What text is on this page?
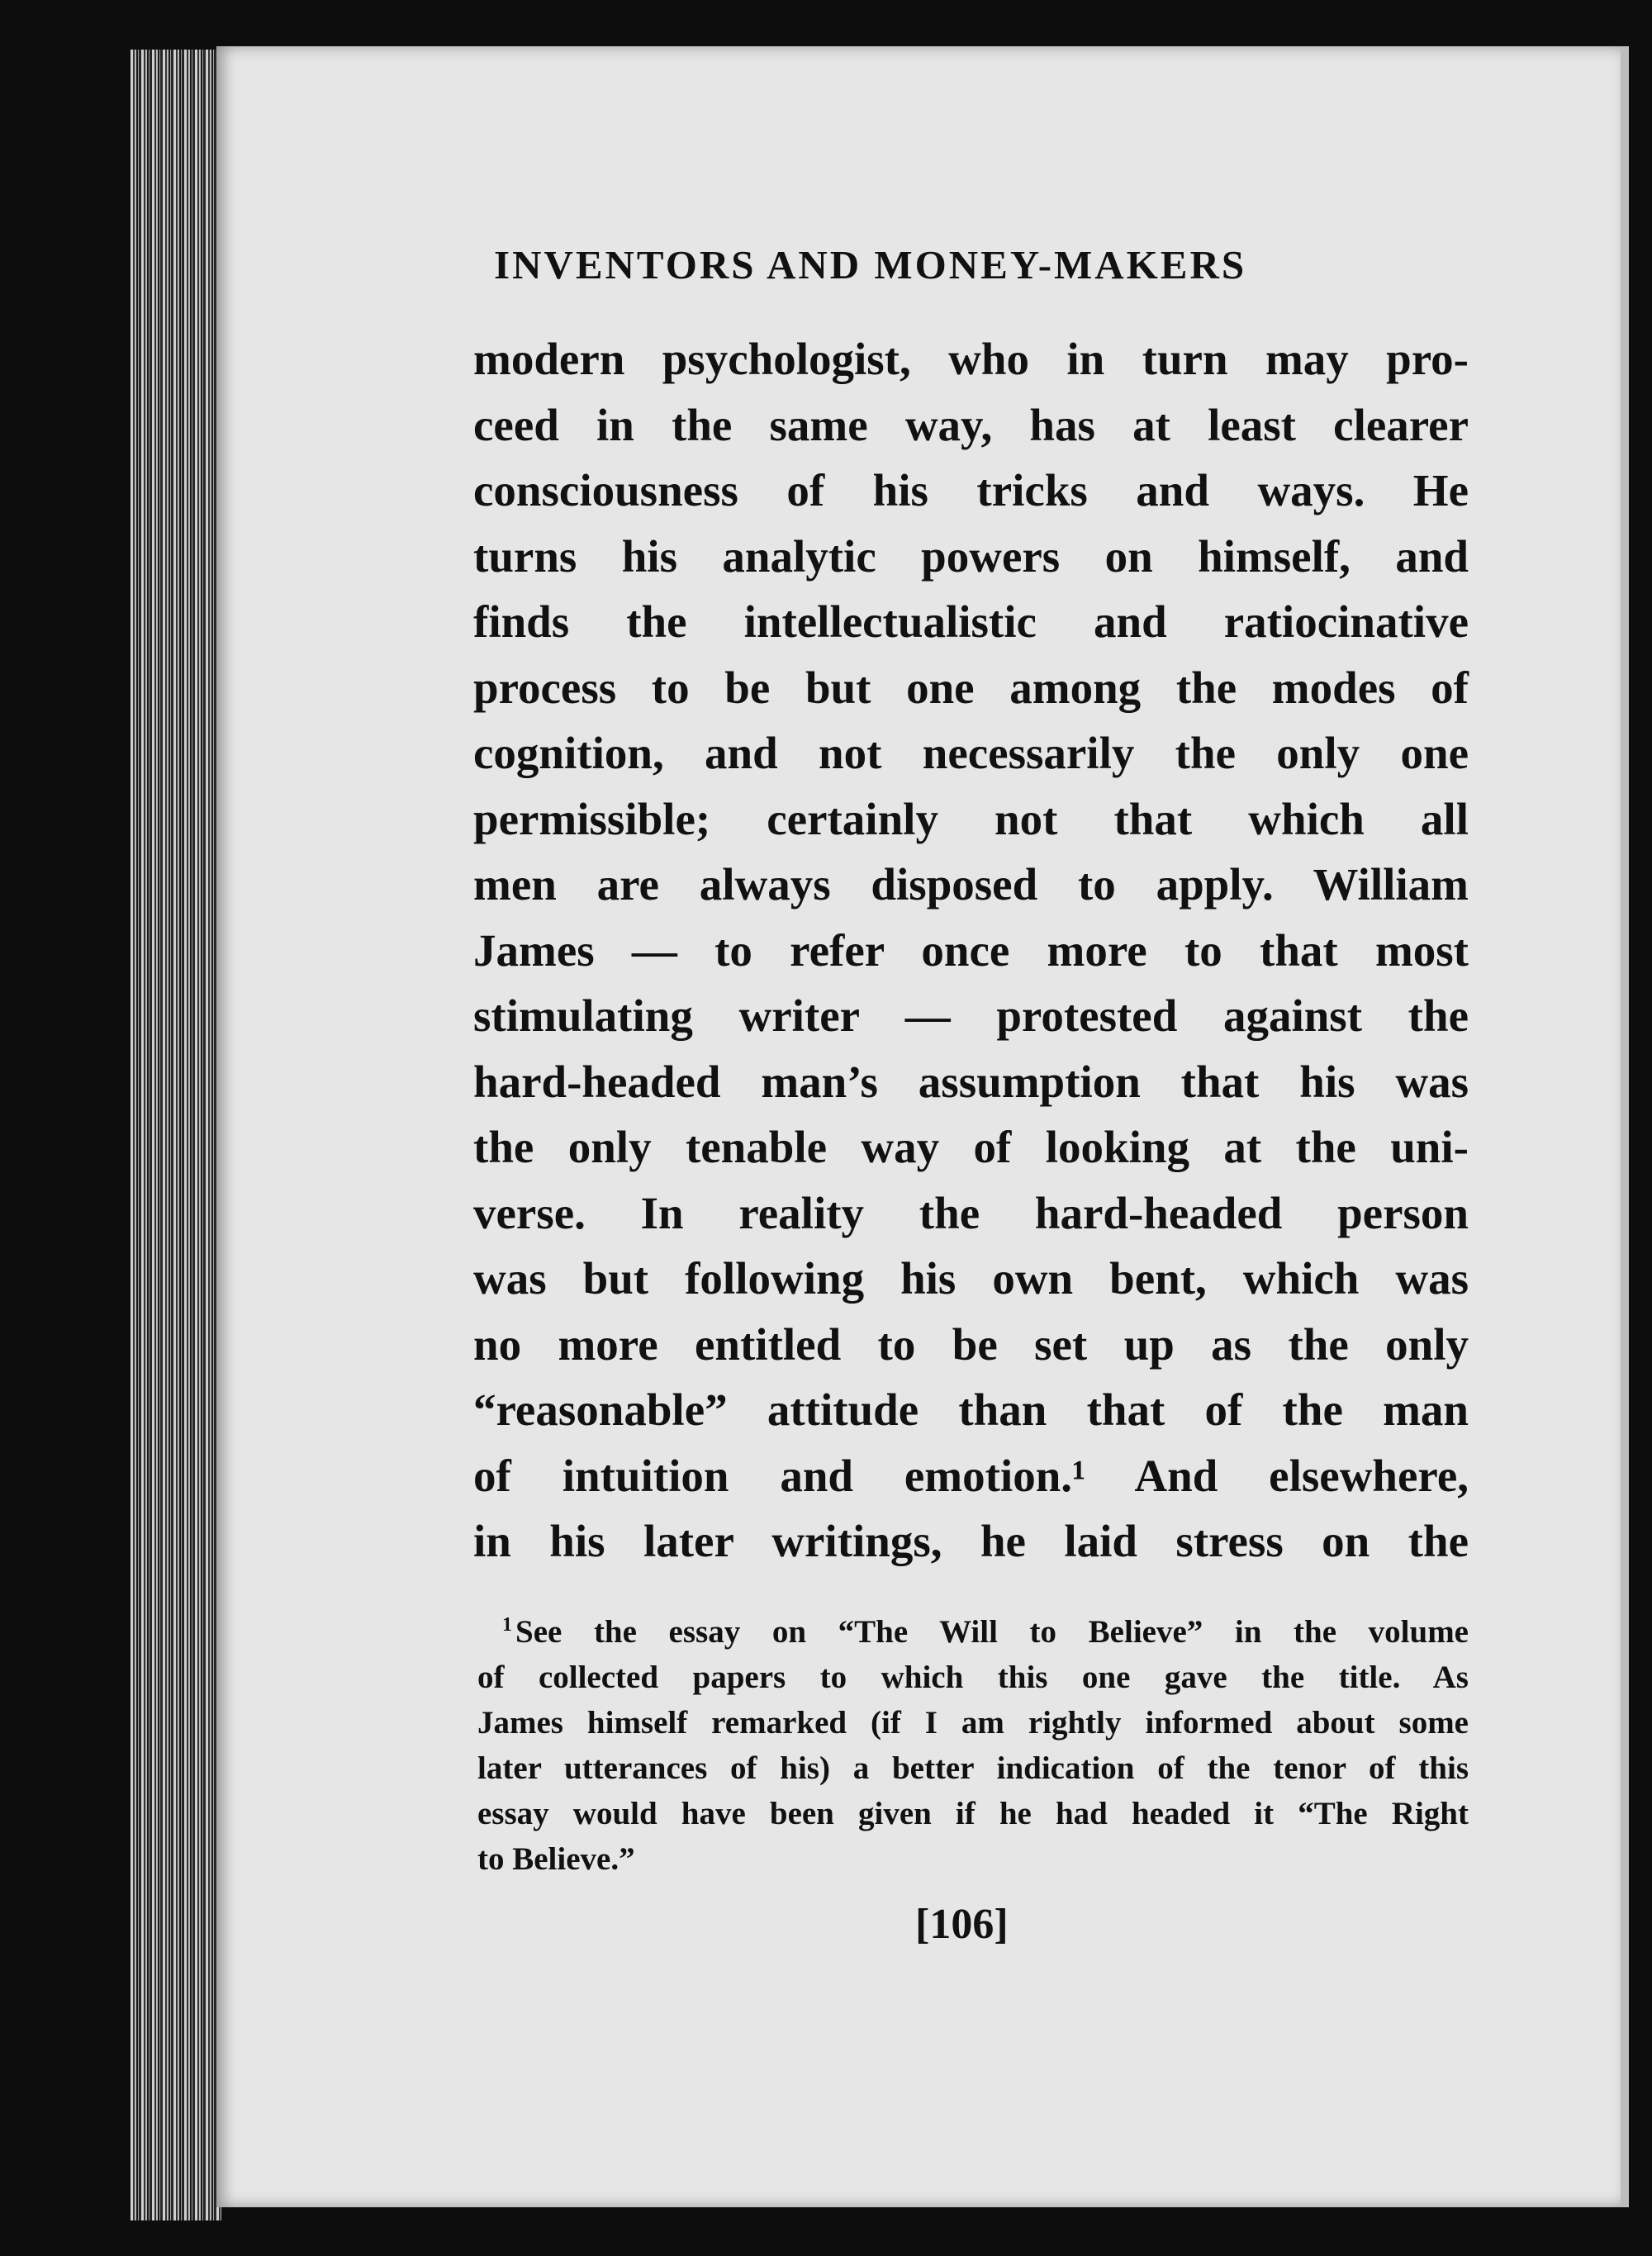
INVENTORS AND MONEY-MAKERS
modern psychologist, who in turn may pro-
ceed in the same way, has at least clearer
consciousness of his tricks and ways. He
turns his analytic powers on himself, and
finds the intellectualistic and ratiocinative
process to be but one among the modes of
cognition, and not necessarily the only one
permissible; certainly not that which all
men are always disposed to apply. William
James — to refer once more to that most
stimulating writer — protested against the
hard-headed man’s assumption that his was
the only tenable way of looking at the uni-
verse. In reality the hard-headed person
was but following his own bent, which was
no more entitled to be set up as the only
“reasonable” attitude than that of the man
of intuition and emotion.¹ And elsewhere,
in his later writings, he laid stress on the
$^1$ See the essay on “The Will to Believe” in the volume
of collected papers to which this one gave the title. As
James himself remarked (if I am rightly informed about some
later utterances of his) a better indication of the tenor of this
essay would have been given if he had headed it “The Right
to Believe.”
[106]
